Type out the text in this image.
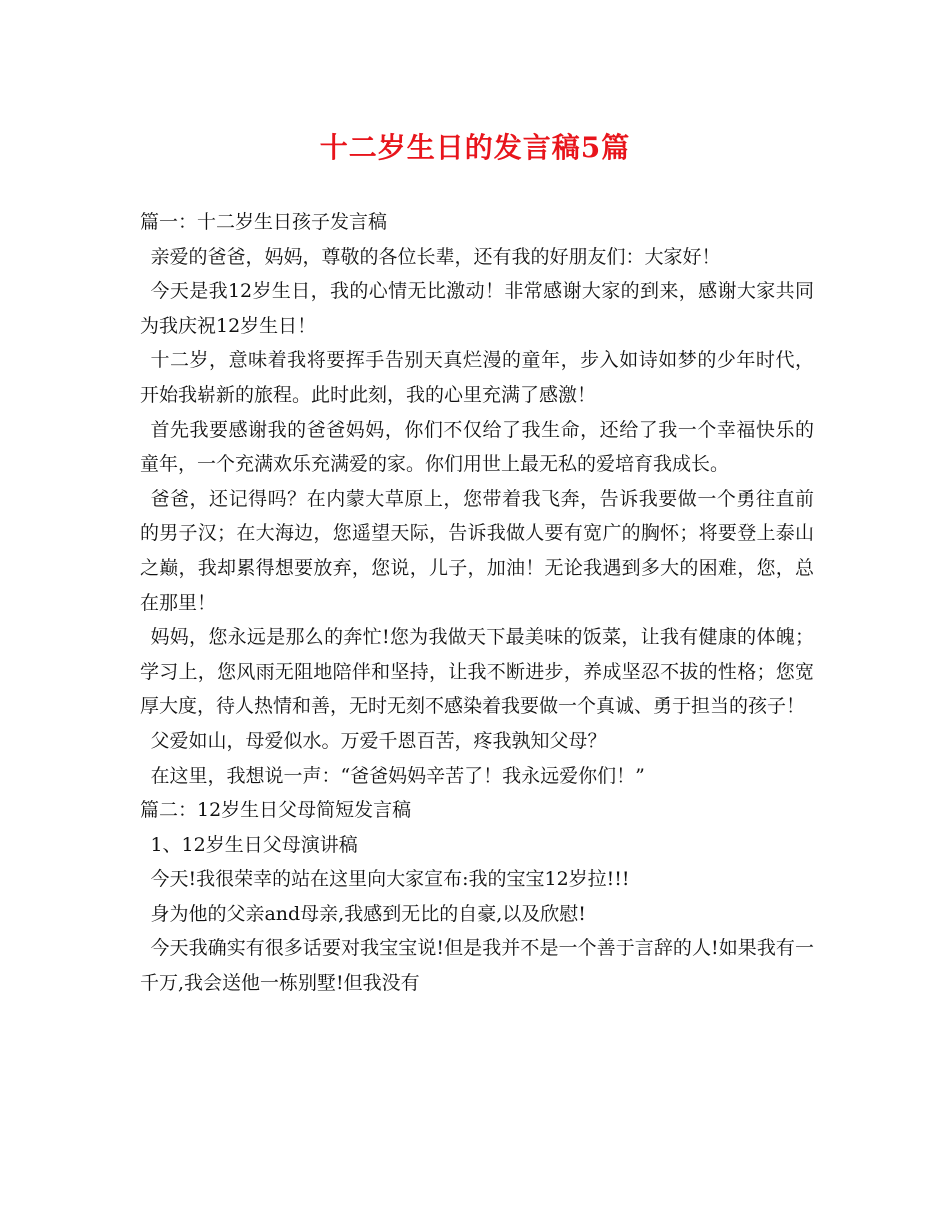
十二岁生日的发言稿5篇

篇一：十二岁生日孩子发言稿

亲爱的爸爸，妈妈，尊敬的各位长辈，还有我的好朋友们：大家好！

今天是我12岁生日，我的心情无比激动！非常感谢大家的到来，感谢大家共同为我庆祝12岁生日！

十二岁，意味着我将要挥手告别天真烂漫的童年，步入如诗如梦的少年时代，开始我崭新的旅程。此时此刻，我的心里充满了感激！

首先我要感谢我的爸爸妈妈，你们不仅给了我生命，还给了我一个幸福快乐的童年，一个充满欢乐充满爱的家。你们用世上最无私的爱培育我成长。

爸爸，还记得吗？在内蒙大草原上，您带着我飞奔，告诉我要做一个勇往直前的男子汉；在大海边，您遥望天际，告诉我做人要有宽广的胸怀；将要登上泰山之巅，我却累得想要放弃，您说，儿子，加油！无论我遇到多大的困难，您，总在那里！

妈妈，您永远是那么的奔忙!您为我做天下最美味的饭菜，让我有健康的体魄；学习上，您风雨无阻地陪伴和坚持，让我不断进步，养成坚忍不拔的性格；您宽厚大度，待人热情和善，无时无刻不感染着我要做一个真诚、勇于担当的孩子！

父爱如山，母爱似水。万爱千恩百苦，疼我孰知父母？

在这里，我想说一声：“爸爸妈妈辛苦了！我永远爱你们！”

篇二：12岁生日父母简短发言稿

1、12岁生日父母演讲稿

今天!我很荣幸的站在这里向大家宣布:我的宝宝12岁拉!!!

身为他的父亲and母亲,我感到无比的自豪,以及欣慰!

今天我确实有很多话要对我宝宝说!但是我并不是一个善于言辞的人!如果我有一千万,我会送他一栋别墅!但我没有
